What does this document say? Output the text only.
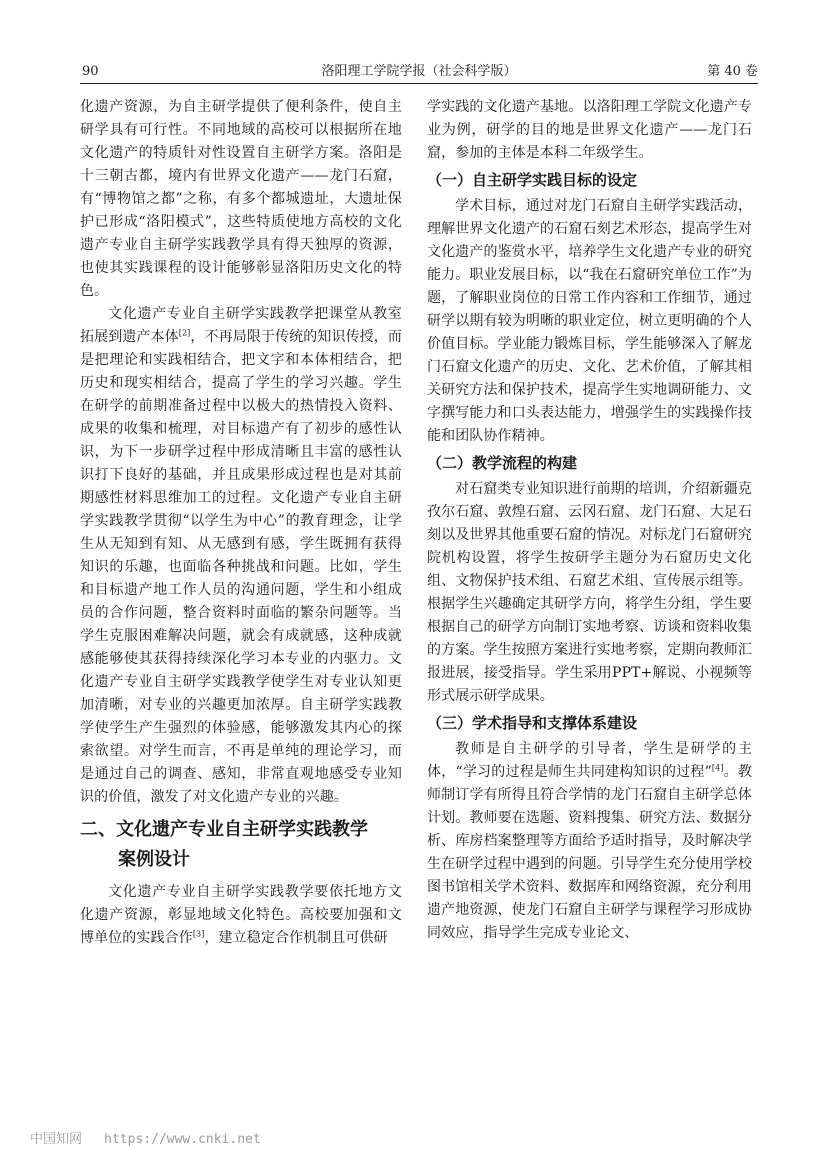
90	洛阳理工学院学报（社会科学版）	第 40 卷

化遗产资源，为自主研学提供了便利条件，使自主研学具有可行性。不同地域的高校可以根据所在地文化遗产的特质针对性设置自主研学方案。洛阳是十三朝古都，境内有世界文化遗产——龙门石窟，有“博物馆之都”之称，有多个都城遗址，大遗址保护已形成“洛阳模式”，这些特质使地方高校的文化遗产专业自主研学实践教学具有得天独厚的资源，也使其实践课程的设计能够彰显洛阳历史文化的特色。

文化遗产专业自主研学实践教学把课堂从教室拓展到遗产本体[2]，不再局限于传统的知识传授，而是把理论和实践相结合，把文字和本体相结合，把历史和现实相结合，提高了学生的学习兴趣。学生在研学的前期准备过程中以极大的热情投入资料、成果的收集和梳理，对目标遗产有了初步的感性认识，为下一步研学过程中形成清晰且丰富的感性认识打下良好的基础，并且成果形成过程也是对其前期感性材料思维加工的过程。文化遗产专业自主研学实践教学贯彻“以学生为中心”的教育理念，让学生从无知到有知、从无感到有感，学生既拥有获得知识的乐趣，也面临各种挑战和问题。比如，学生和目标遗产地工作人员的沟通问题，学生和小组成员的合作问题，整合资料时面临的繁杂问题等。当学生克服困难解决问题，就会有成就感，这种成就感能够使其获得持续深化学习本专业的内驱力。文化遗产专业自主研学实践教学使学生对专业认知更加清晰，对专业的兴趣更加浓厚。自主研学实践教学使学生产生强烈的体验感，能够激发其内心的探索欲望。对学生而言，不再是单纯的理论学习，而是通过自己的调查、感知，非常直观地感受专业知识的价值，激发了对文化遗产专业的兴趣。

二、文化遗产专业自主研学实践教学
案例设计

文化遗产专业自主研学实践教学要依托地方文化遗产资源，彰显地域文化特色。高校要加强和文博单位的实践合作[3]，建立稳定合作机制且可供研

学实践的文化遗产基地。以洛阳理工学院文化遗产专业为例，研学的目的地是世界文化遗产——龙门石窟，参加的主体是本科二年级学生。

（一）自主研学实践目标的设定

学术目标，通过对龙门石窟自主研学实践活动，理解世界文化遗产的石窟石刻艺术形态，提高学生对文化遗产的鉴赏水平，培养学生文化遗产专业的研究能力。职业发展目标，以“我在石窟研究单位工作”为题，了解职业岗位的日常工作内容和工作细节，通过研学以期有较为明晰的职业定位，树立更明确的个人价值目标。学业能力锻炼目标，学生能够深入了解龙门石窟文化遗产的历史、文化、艺术价值，了解其相关研究方法和保护技术，提高学生实地调研能力、文字撰写能力和口头表达能力，增强学生的实践操作技能和团队协作精神。

（二）教学流程的构建

对石窟类专业知识进行前期的培训，介绍新疆克孜尔石窟、敦煌石窟、云冈石窟、龙门石窟、大足石刻以及世界其他重要石窟的情况。对标龙门石窟研究院机构设置，将学生按研学主题分为石窟历史文化组、文物保护技术组、石窟艺术组、宣传展示组等。根据学生兴趣确定其研学方向，将学生分组，学生要根据自己的研学方向制订实地考察、访谈和资料收集的方案。学生按照方案进行实地考察，定期向教师汇报进展，接受指导。学生采用PPT+解说、小视频等形式展示研学成果。

（三）学术指导和支撑体系建设

教师是自主研学的引导者，学生是研学的主体，“学习的过程是师生共同建构知识的过程”[4]。教师制订学有所得且符合学情的龙门石窟自主研学总体计划。教师要在选题、资料搜集、研究方法、数据分析、库房档案整理等方面给予适时指导，及时解决学生在研学过程中遇到的问题。引导学生充分使用学校图书馆相关学术资料、数据库和网络资源，充分利用遗产地资源，使龙门石窟自主研学与课程学习形成协同效应，指导学生完成专业论文、

中国知网 https://www.cnki.net
